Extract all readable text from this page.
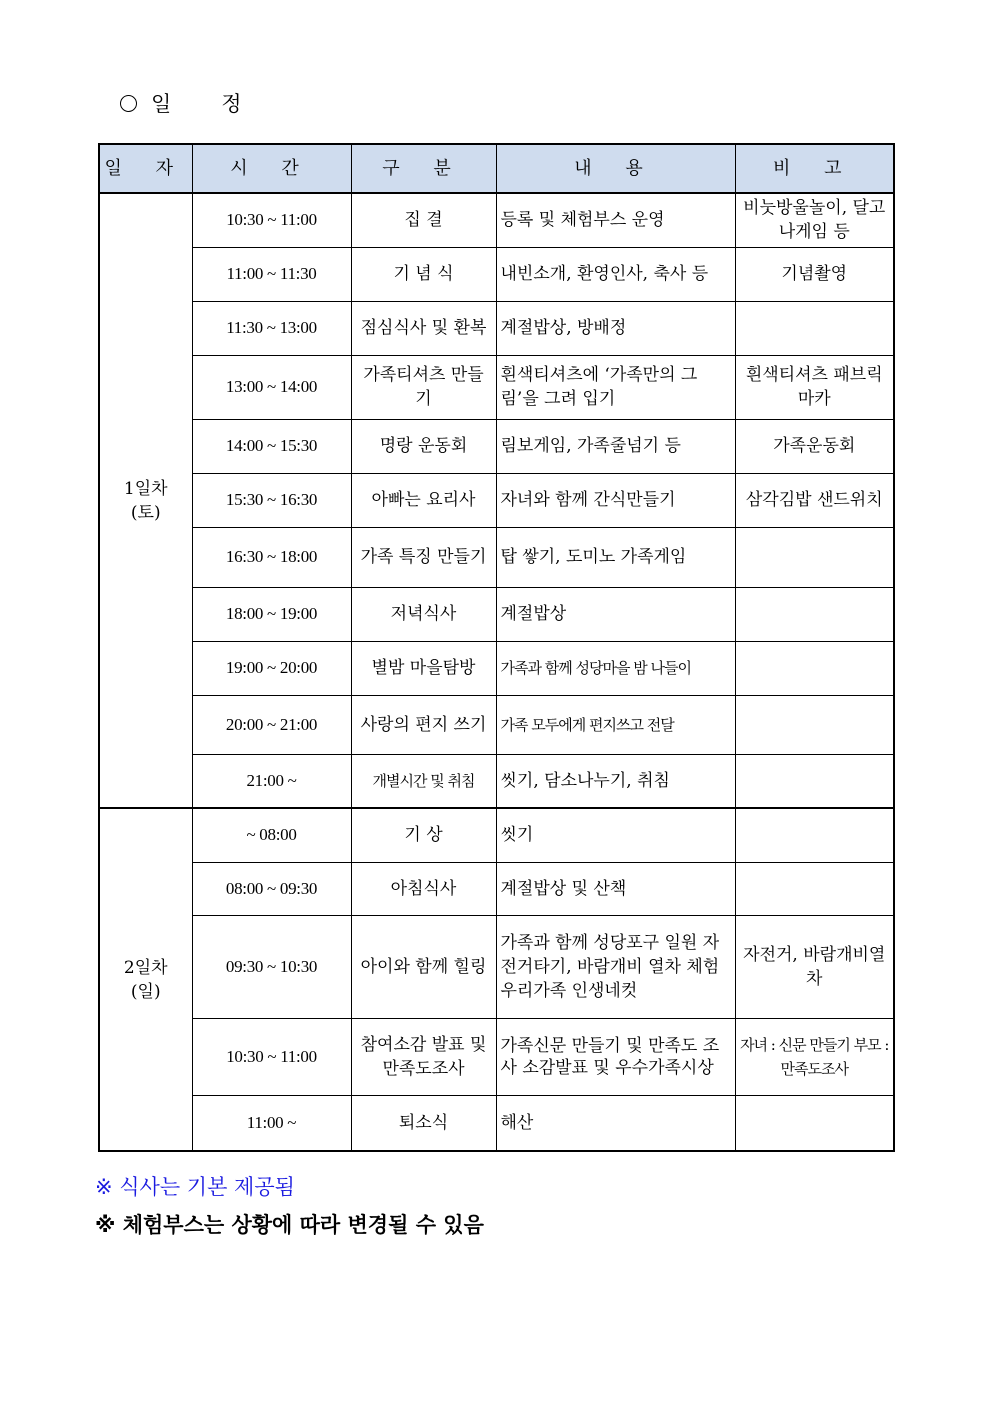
일 정
일 자	시 간	구 분	내 용	비 고
1일차
(토)	10:30 ~ 11:00	집 결	등록 및 체험부스 운영	비눗방울놀이, 달고나게임 등
	11:00 ~ 11:30	기 념 식	내빈소개, 환영인사, 축사 등	기념촬영
	11:30 ~ 13:00	점심식사 및 환복	계절밥상, 방배정	
	13:00 ~ 14:00	가족티셔츠 만들기	흰색티셔츠에 ‘가족만의 그림’을 그려 입기	흰색티셔츠 패브릭마카
	14:00 ~ 15:30	명랑 운동회	림보게임, 가족줄넘기 등	가족운동회
	15:30 ~ 16:30	아빠는 요리사	자녀와 함께 간식만들기	삼각김밥 샌드위치
	16:30 ~ 18:00	가족 특징 만들기	탑 쌓기, 도미노 가족게임	
	18:00 ~ 19:00	저녁식사	계절밥상	
	19:00 ~ 20:00	별밤 마을탐방	가족과 함께 성당마을 밤 나들이	
	20:00 ~ 21:00	사랑의 편지 쓰기	가족 모두에게 편지쓰고 전달	
	21:00 ~	개별시간 및 취침	씻기, 담소나누기, 취침	
2일차
(일)	~ 08:00	기 상	씻기	
	08:00 ~ 09:30	아침식사	계절밥상 및 산책	
	09:30 ~ 10:30	아이와 함께 힐링	가족과 함께 성당포구 일원 자전거타기, 바람개비 열차 체험 우리가족 인생네컷	자전거, 바람개비열차
	10:30 ~ 11:00	참여소감 발표 및 만족도조사	가족신문 만들기 및 만족도 조사 소감발표 및 우수가족시상	자녀 : 신문 만들기 부모 : 만족도조사
	11:00 ~	퇴소식	해산	
※ 식사는 기본 제공됨
※ 체험부스는 상황에 따라 변경될 수 있음
